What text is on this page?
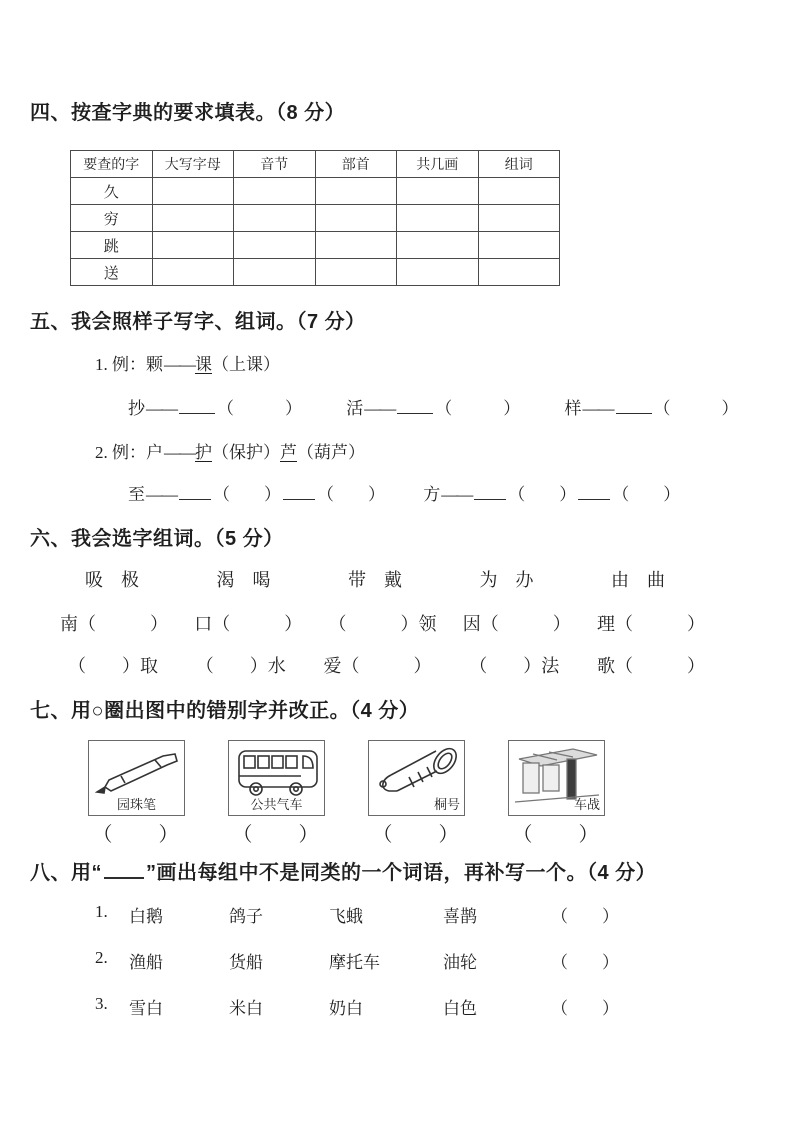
四、按查字典的要求填表。（8 分）
要查的字	大写字母	音节	部首	共几画	组词
久					
穷					
跳					
送					
五、我会照样子写字、组词。（7 分）
1. 例：颗——课（上课）
抄—— （　　　）	活—— （　　　）	样—— （　　　）
2. 例：户——护（保护）芦（葫芦）
至—— （　　） （　　） 方—— （　　） （　　）
六、我会选字组词。（5 分）
吸　极	渴　喝	带　戴	为　办	由　曲
南（　　　） 口（　　　） （　　　）领 因（　　　） 理（　　　）
（　　）取 （　　）水 爱（　　　） （　　）法 歌（　　　）
七、用○圈出图中的错别字并改正。（4 分）
园珠笔	公共气车	桐号	车战
（　　）	（　　）	（　　）	（　　）
八、用“ ”画出每组中不是同类的一个词语，再补写一个。（4 分）
1.	白鹅	鸽子	飞蛾	喜鹊	（　　）
2.	渔船	货船	摩托车	油轮	（　　）
3.	雪白	米白	奶白	白色	（　　）
